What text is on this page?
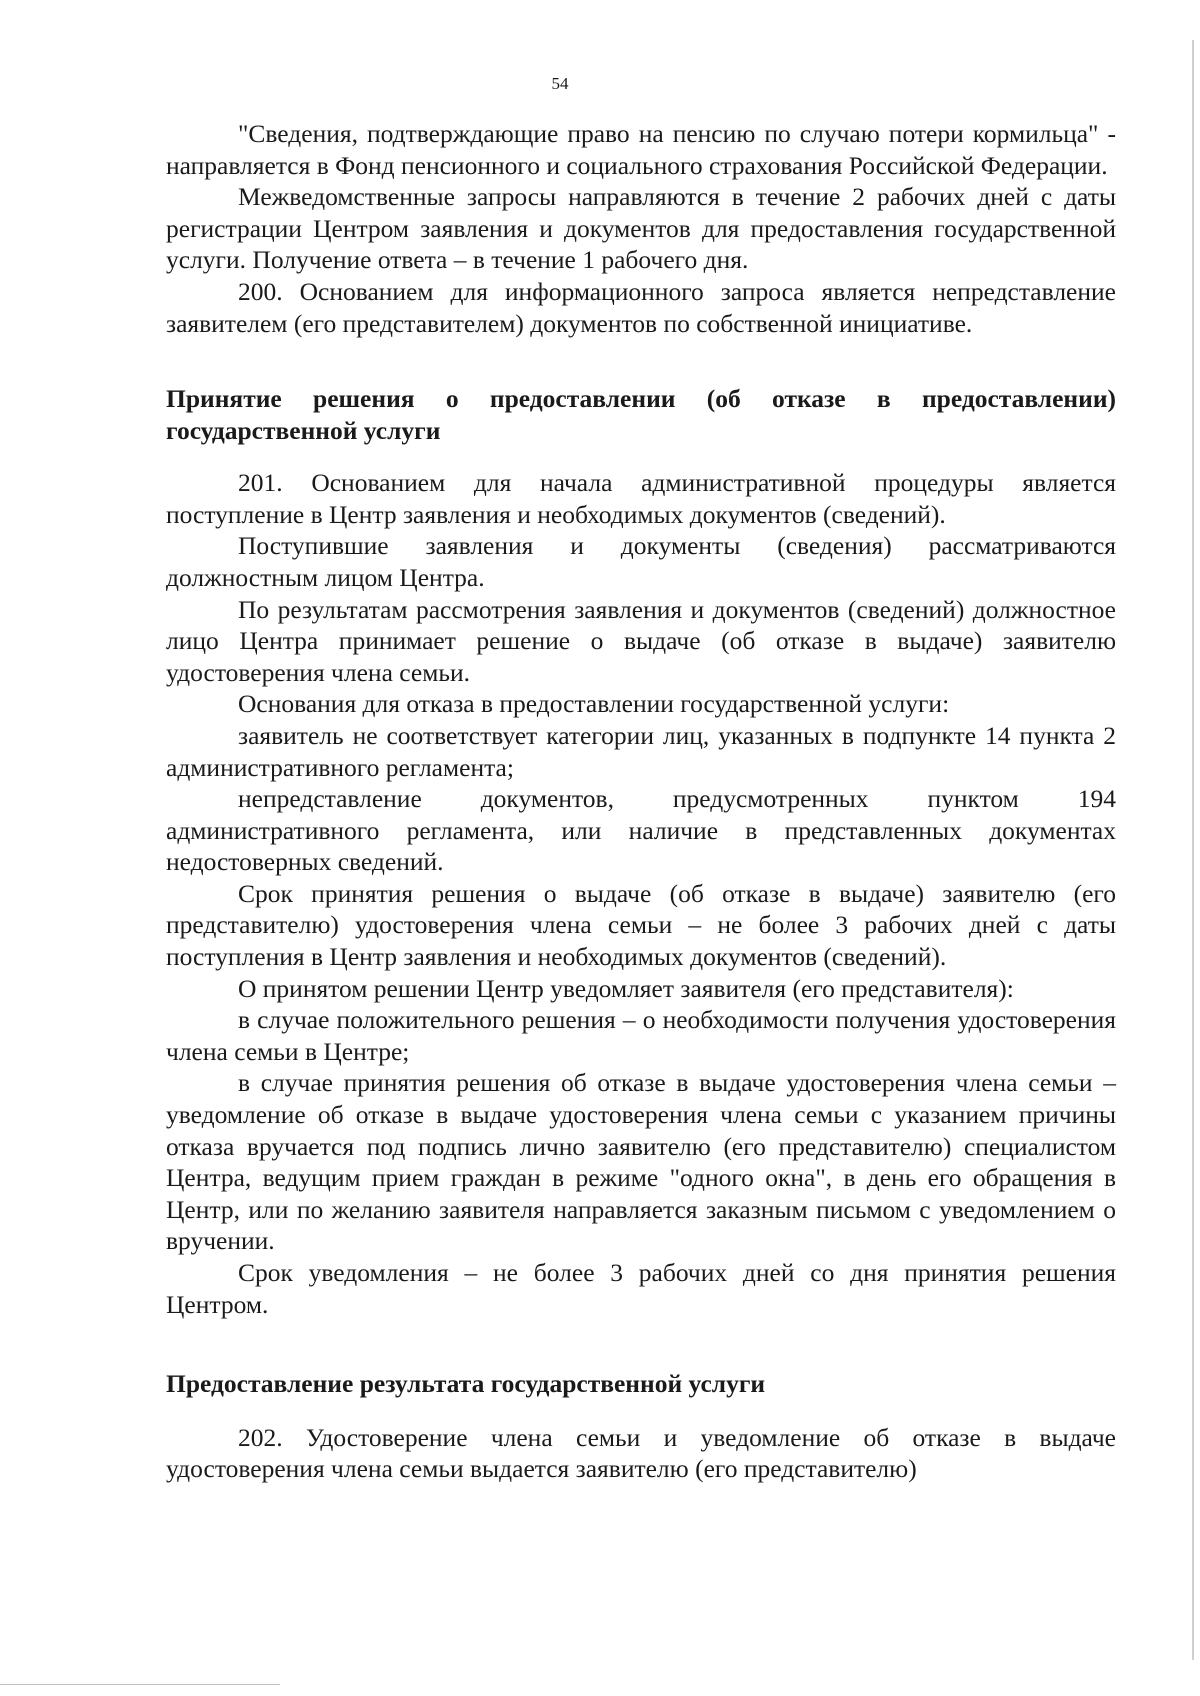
54

"Сведения, подтверждающие право на пенсию по случаю потери кормильца" - направляется в Фонд пенсионного и социального страхования Российской Федерации.

Межведомственные запросы направляются в течение 2 рабочих дней с даты регистрации Центром заявления и документов для предоставления государственной услуги. Получение ответа – в течение 1 рабочего дня.

200. Основанием для информационного запроса является непредставление заявителем (его представителем) документов по собственной инициативе.

Принятие решения о предоставлении (об отказе в предоставлении) государственной услуги

201. Основанием для начала административной процедуры является поступление в Центр заявления и необходимых документов (сведений).

Поступившие заявления и документы (сведения) рассматриваются должностным лицом Центра.

По результатам рассмотрения заявления и документов (сведений) должностное лицо Центра принимает решение о выдаче (об отказе в выдаче) заявителю удостоверения члена семьи.

Основания для отказа в предоставлении государственной услуги:

заявитель не соответствует категории лиц, указанных в подпункте 14 пункта 2 административного регламента;

непредставление документов, предусмотренных пунктом 194 административного регламента, или наличие в представленных документах недостоверных сведений.

Срок принятия решения о выдаче (об отказе в выдаче) заявителю (его представителю) удостоверения члена семьи – не более 3 рабочих дней с даты поступления в Центр заявления и необходимых документов (сведений).

О принятом решении Центр уведомляет заявителя (его представителя):

в случае положительного решения – о необходимости получения удостоверения члена семьи в Центре;

в случае принятия решения об отказе в выдаче удостоверения члена семьи – уведомление об отказе в выдаче удостоверения члена семьи с указанием причины отказа вручается под подпись лично заявителю (его представителю) специалистом Центра, ведущим прием граждан в режиме "одного окна", в день его обращения в Центр, или по желанию заявителя направляется заказным письмом с уведомлением о вручении.

Срок уведомления – не более 3 рабочих дней со дня принятия решения Центром.

Предоставление результата государственной услуги

202. Удостоверение члена семьи и уведомление об отказе в выдаче удостоверения члена семьи выдается заявителю (его представителю)
